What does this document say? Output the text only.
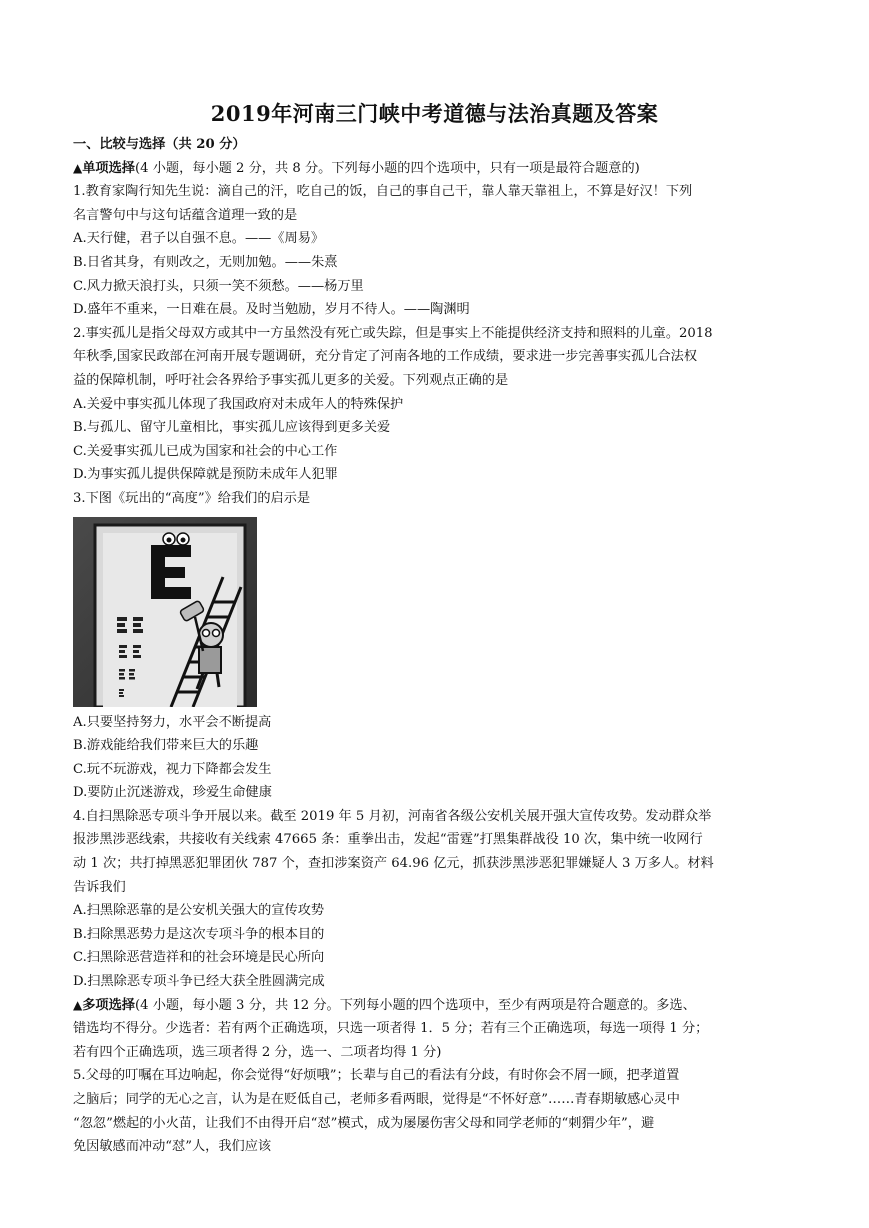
2019年河南三门峡中考道德与法治真题及答案
一、比较与选择（共 20 分）
▲单项选择(4 小题，每小题 2 分，共 8 分。下列每小题的四个选项中，只有一项是最符合题意的)
1.教育家陶行知先生说：滴自己的汗，吃自己的饭，自己的事自己干，靠人靠天靠祖上，不算是好汉！下列
名言警句中与这句话蕴含道理一致的是
A.天行健，君子以自强不息。——《周易》
B.日省其身，有则改之，无则加勉。——朱熹
C.风力掀天浪打头，只须一笑不须愁。——杨万里
D.盛年不重来，一日难在晨。及时当勉励，岁月不待人。——陶渊明
2.事实孤儿是指父母双方或其中一方虽然没有死亡或失踪，但是事实上不能提供经济支持和照料的儿童。2018
年秋季,国家民政部在河南开展专题调研，充分肯定了河南各地的工作成绩，要求进一步完善事实孤儿合法权
益的保障机制，呼吁社会各界给予事实孤儿更多的关爱。下列观点正确的是
A.关爱中事实孤儿体现了我国政府对未成年人的特殊保护
B.与孤儿、留守儿童相比，事实孤儿应该得到更多关爱
C.关爱事实孤儿已成为国家和社会的中心工作
D.为事实孤儿提供保障就是预防未成年人犯罪
3.下图《玩出的“高度”》给我们的启示是
A.只要坚持努力，水平会不断提高
B.游戏能给我们带来巨大的乐趣
C.玩不玩游戏，视力下降都会发生
D.要防止沉迷游戏，珍爱生命健康
4.自扫黑除恶专项斗争开展以来。截至 2019 年 5 月初，河南省各级公安机关展开强大宣传攻势。发动群众举
报涉黑涉恶线索，共接收有关线索 47665 条：重拳出击，发起“雷霆”打黑集群战役 10 次，集中统一收网行
动 1 次；共打掉黑恶犯罪团伙 787 个，查扣涉案资产 64.96 亿元，抓获涉黑涉恶犯罪嫌疑人 3 万多人。材料
告诉我们
A.扫黑除恶靠的是公安机关强大的宣传攻势
B.扫除黑恶势力是这次专项斗争的根本目的
C.扫黑除恶营造祥和的社会环境是民心所向
D.扫黑除恶专项斗争已经大获全胜圆满完成
▲多项选择(4 小题，每小题 3 分，共 12 分。下列每小题的四个选项中，至少有两项是符合题意的。多选、
错选均不得分。少选者：若有两个正确选项，只选一项者得 1．5 分；若有三个正确选项，每选一项得 1 分；
若有四个正确选项，选三项者得 2 分，选一、二项者均得 1 分)
5.父母的叮嘱在耳边响起，你会觉得“好烦哦”；长辈与自己的看法有分歧，有时你会不屑一顾，把孝道置
之脑后；同学的无心之言，认为是在贬低自己，老师多看两眼，觉得是“不怀好意”……青春期敏感心灵中
“忽忽”燃起的小火苗，让我们不由得开启“怼”模式，成为屡屡伤害父母和同学老师的“刺猬少年”，避
免因敏感而冲动“怼”人，我们应该
